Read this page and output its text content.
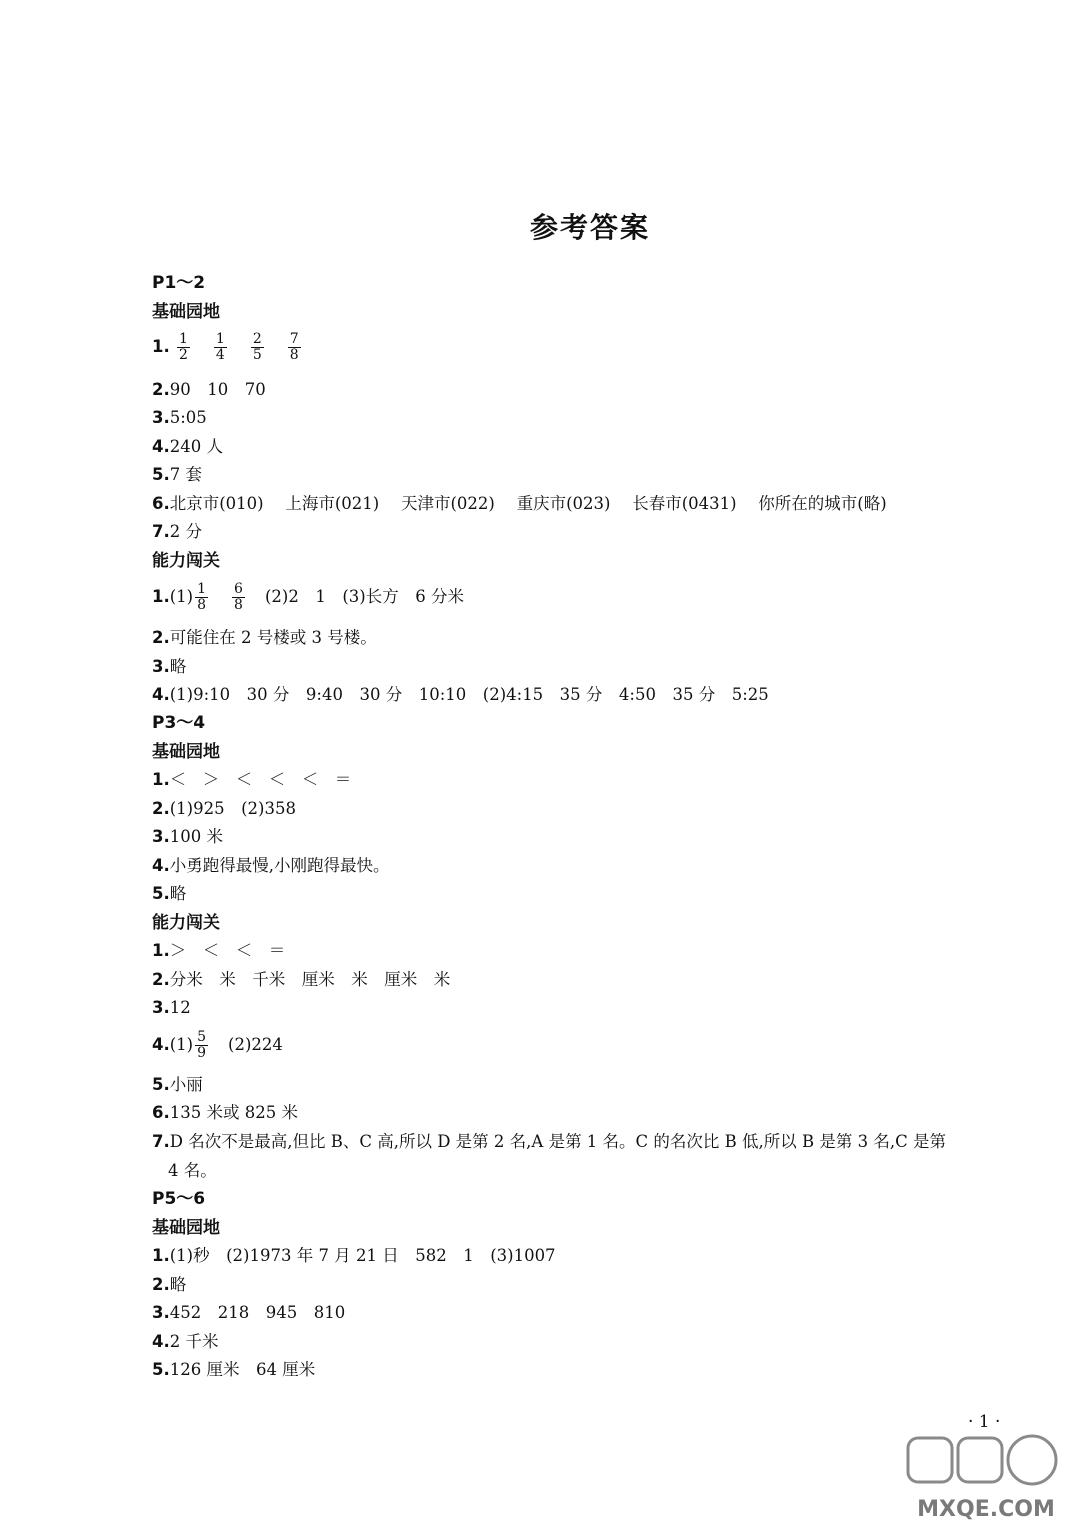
参考答案
P1～2
基础园地
1. $\frac{1}{2} \frac{1}{4} \frac{2}{5} \frac{7}{8}$
2.90　10　70
3.5:05
4.240 人
5.7 套
6.北京市(010)　 上海市(021)　 天津市(022)　 重庆市(023)　 长春市(0431)　 你所在的城市(略)
7.2 分
能力闯关
$1.(1) \frac{1}{8} \frac{6}{8} (2)2$　1　(3)长方　6 分米
2.可能住在 2 号楼或 3 号楼。
3.略
4.(1)9:10　30 分　9:40　30 分　10:10　(2)4:15　35 分　4:50　35 分　5:25
P3～4
基础园地
1.＜　＞　＜　＜　＜　＝
2.(1)925　(2)358
3.100 米
4.小勇跑得最慢,小刚跑得最快。
5.略
能力闯关
1.＞　＜　＜　＝
2.分米　米　千米　厘米　米　厘米　米
3.12
$4.(1) \frac{5}{9} (2)224$
5.小丽
6.135 米或 825 米
7.D 名次不是最高,但比 B、C 高,所以 D 是第 2 名,A 是第 1 名。C 的名次比 B 低,所以 B 是第 3 名,C 是第
4 名。
P5～6
基础园地
1.(1)秒　(2)1973 年 7 月 21 日　582　1　(3)1007
2.略
3.452　218　945　810
4.2 千米
5.126 厘米　64 厘米
· 1 ·
MXQE.COM
